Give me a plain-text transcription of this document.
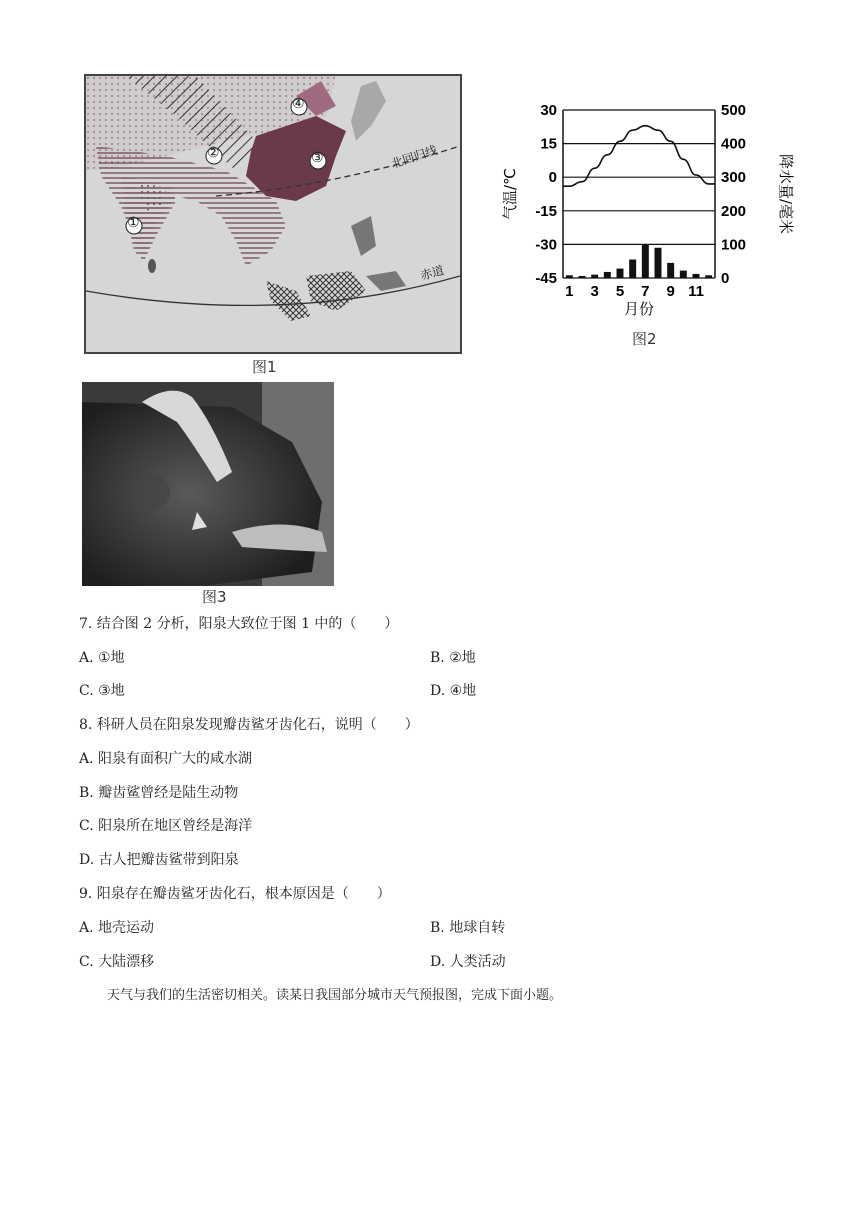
④
②	③
①
北回归线
赤道
图1
30	500
15	400
0	300
-15	200
-30	100
-45	0
1 3 5 7 9 11
月份
气温/℃	降水量/毫米
图2
图3
7. 结合图 2 分析，阳泉大致位于图 1 中的（　　）
A. ①地	B. ②地
C. ③地	D. ④地
8. 科研人员在阳泉发现瓣齿鲨牙齿化石，说明（　　）
A. 阳泉有面积广大的咸水湖
B. 瓣齿鲨曾经是陆生动物
C. 阳泉所在地区曾经是海洋
D. 古人把瓣齿鲨带到阳泉
9. 阳泉存在瓣齿鲨牙齿化石，根本原因是（　　）
A. 地壳运动	B. 地球自转
C. 大陆漂移	D. 人类活动
天气与我们的生活密切相关。读某日我国部分城市天气预报图，完成下面小题。
